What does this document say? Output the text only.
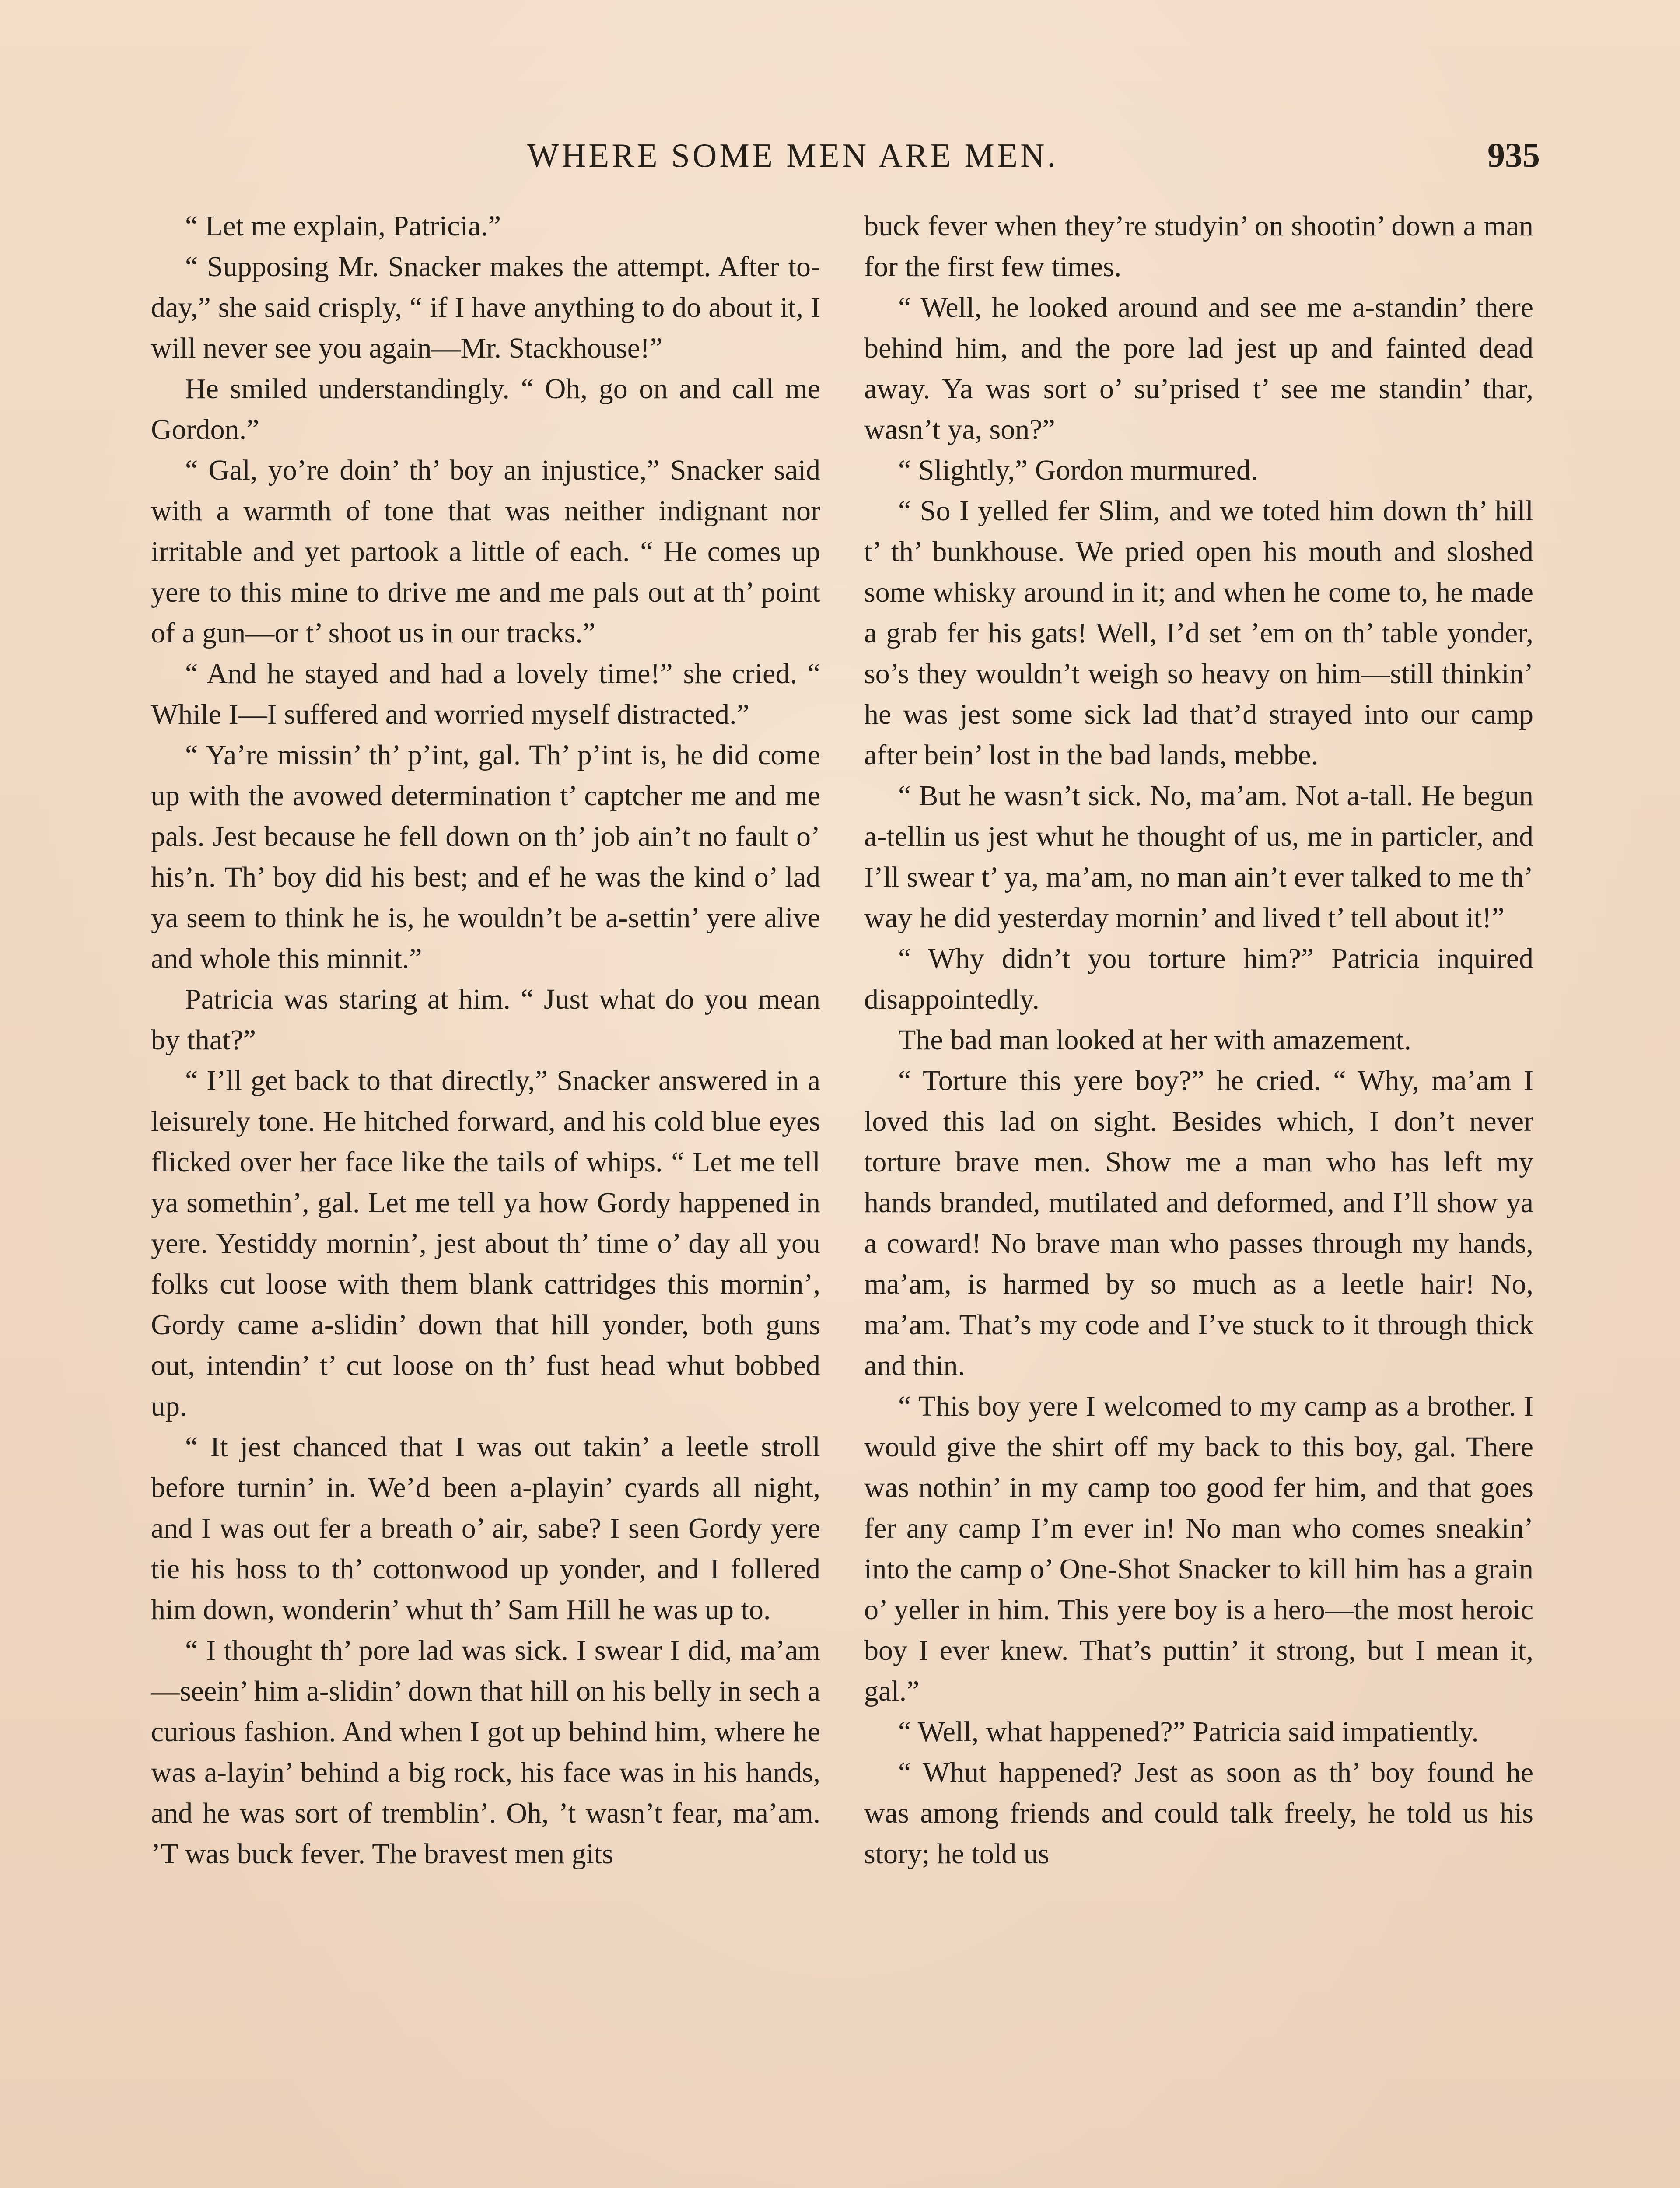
WHERE SOME MEN ARE MEN.	935

“ Let me explain, Patricia.”

“ Supposing Mr. Snacker makes the attempt. After to-day,” she said crisply, “ if I have anything to do about it, I will never see you again—Mr. Stackhouse!”

He smiled understandingly. “ Oh, go on and call me Gordon.”

“ Gal, yo’re doin’ th’ boy an injustice,” Snacker said with a warmth of tone that was neither indignant nor irritable and yet partook a little of each. “ He comes up yere to this mine to drive me and me pals out at th’ point of a gun—or t’ shoot us in our tracks.”

“ And he stayed and had a lovely time!” she cried. “ While I—I suffered and worried myself distracted.”

“ Ya’re missin’ th’ p’int, gal. Th’ p’int is, he did come up with the avowed determination t’ captcher me and me pals. Jest because he fell down on th’ job ain’t no fault o’ his’n. Th’ boy did his best; and ef he was the kind o’ lad ya seem to think he is, he wouldn’t be a-settin’ yere alive and whole this minnit.”

Patricia was staring at him. “ Just what do you mean by that?”

“ I’ll get back to that directly,” Snacker answered in a leisurely tone. He hitched forward, and his cold blue eyes flicked over her face like the tails of whips. “ Let me tell ya somethin’, gal. Let me tell ya how Gordy happened in yere. Yestiddy mornin’, jest about th’ time o’ day all you folks cut loose with them blank cattridges this mornin’, Gordy came a-slidin’ down that hill yonder, both guns out, intendin’ t’ cut loose on th’ fust head whut bobbed up.

“ It jest chanced that I was out takin’ a leetle stroll before turnin’ in. We’d been a-playin’ cyards all night, and I was out fer a breath o’ air, sabe? I seen Gordy yere tie his hoss to th’ cottonwood up yonder, and I follered him down, wonderin’ whut th’ Sam Hill he was up to.

“ I thought th’ pore lad was sick. I swear I did, ma’am—seein’ him a-slidin’ down that hill on his belly in sech a curious fashion. And when I got up behind him, where he was a-layin’ behind a big rock, his face was in his hands, and he was sort of tremblin’. Oh, ’t wasn’t fear, ma’am. ’T was buck fever. The bravest men gits

buck fever when they’re studyin’ on shootin’ down a man for the first few times.

“ Well, he looked around and see me a-standin’ there behind him, and the pore lad jest up and fainted dead away. Ya was sort o’ su’prised t’ see me standin’ thar, wasn’t ya, son?”

“ Slightly,” Gordon murmured.

“ So I yelled fer Slim, and we toted him down th’ hill t’ th’ bunkhouse. We pried open his mouth and sloshed some whisky around in it; and when he come to, he made a grab fer his gats! Well, I’d set ’em on th’ table yonder, so’s they wouldn’t weigh so heavy on him—still thinkin’ he was jest some sick lad that’d strayed into our camp after bein’ lost in the bad lands, mebbe.

“ But he wasn’t sick. No, ma’am. Not a-tall. He begun a-tellin us jest whut he thought of us, me in particler, and I’ll swear t’ ya, ma’am, no man ain’t ever talked to me th’ way he did yesterday mornin’ and lived t’ tell about it!”

“ Why didn’t you torture him?” Patricia inquired disappointedly.

The bad man looked at her with amazement.

“ Torture this yere boy?” he cried. “ Why, ma’am I loved this lad on sight. Besides which, I don’t never torture brave men. Show me a man who has left my hands branded, mutilated and deformed, and I’ll show ya a coward! No brave man who passes through my hands, ma’am, is harmed by so much as a leetle hair! No, ma’am. That’s my code and I’ve stuck to it through thick and thin.

“ This boy yere I welcomed to my camp as a brother. I would give the shirt off my back to this boy, gal. There was nothin’ in my camp too good fer him, and that goes fer any camp I’m ever in! No man who comes sneakin’ into the camp o’ One-Shot Snacker to kill him has a grain o’ yeller in him. This yere boy is a hero—the most heroic boy I ever knew. That’s puttin’ it strong, but I mean it, gal.”

“ Well, what happened?” Patricia said impatiently.

“ Whut happened? Jest as soon as th’ boy found he was among friends and could talk freely, he told us his story; he told us
